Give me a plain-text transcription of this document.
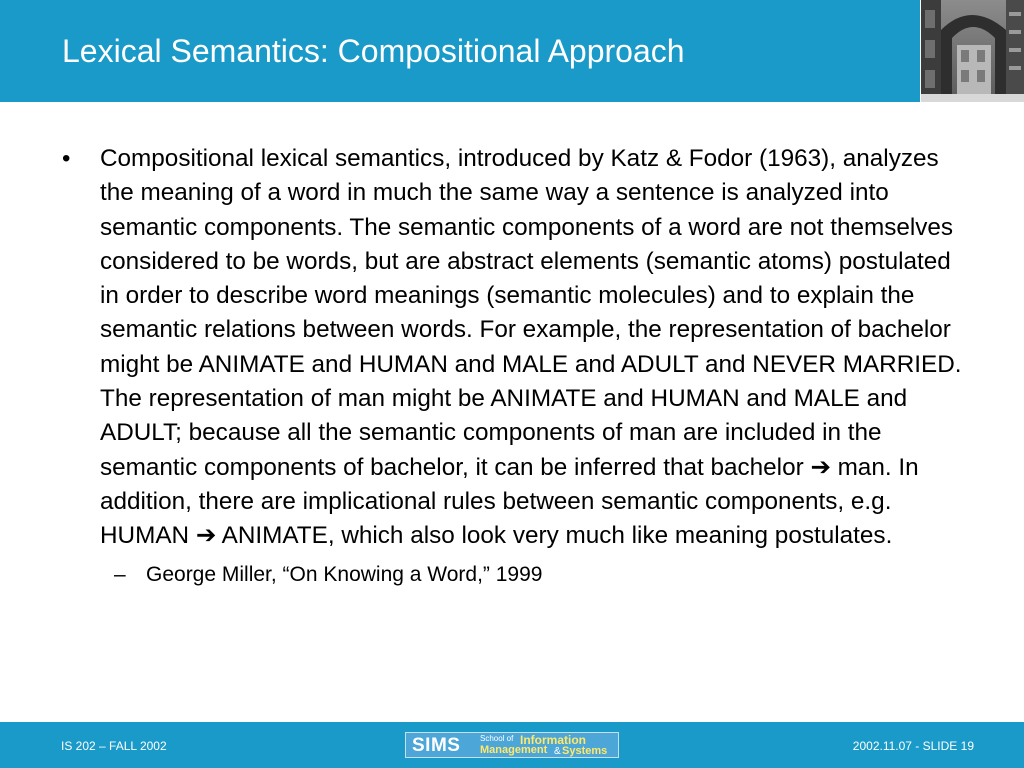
Lexical Semantics: Compositional Approach
•	Compositional lexical semantics, introduced by Katz & Fodor (1963), analyzes the meaning of a word in much the same way a sentence is analyzed into semantic components. The semantic components of a word are not themselves considered to be words, but are abstract elements (semantic atoms) postulated in order to describe word meanings (semantic molecules) and to explain the semantic relations between words. For example, the representation of bachelor might be ANIMATE and HUMAN and MALE and ADULT and NEVER MARRIED. The representation of man might be ANIMATE and HUMAN and MALE and ADULT; because all the semantic components of man are included in the semantic components of bachelor, it can be inferred that bachelor ➔ man. In addition, there are implicational rules between semantic components, e.g. HUMAN ➔ ANIMATE, which also look very much like meaning postulates.
– George Miller, “On Knowing a Word,” 1999
IS 202 – FALL 2002	SIMS School of Information
Management & Systems	2002.11.07 - SLIDE 19
